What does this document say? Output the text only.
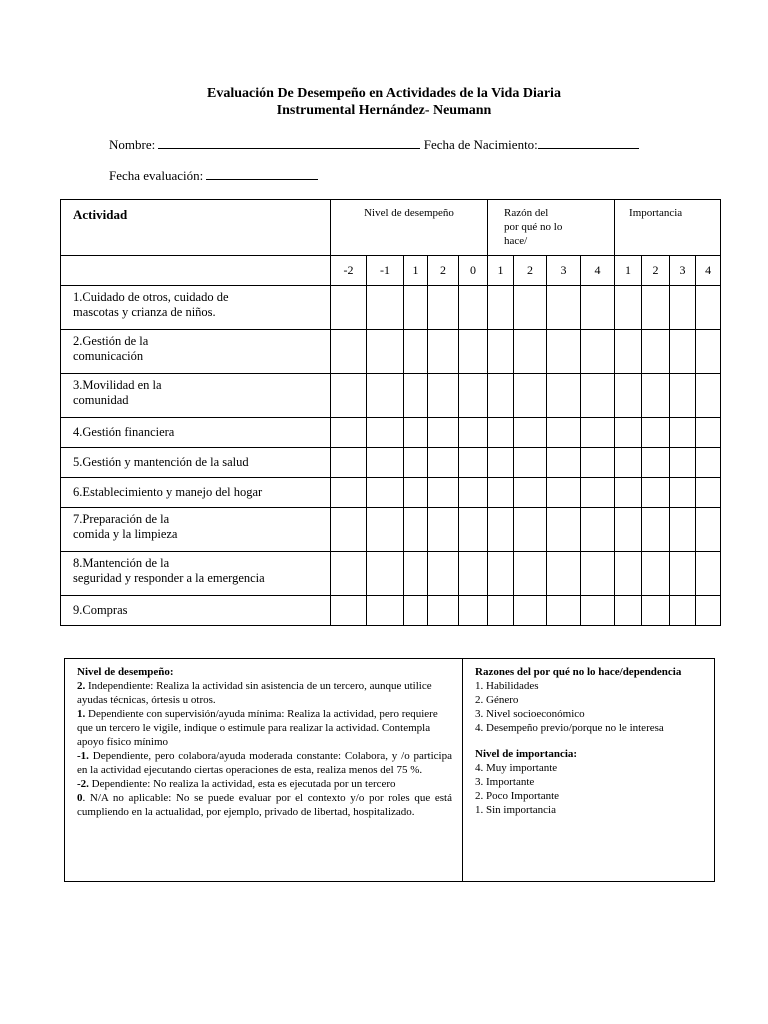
Evaluación De Desempeño en Actividades de la Vida Diaria
Instrumental Hernández- Neumann
Nombre:	Fecha de Nacimiento:
Fecha evaluación:
Actividad	Nivel de desempeño					Razón del
por qué no lo
hace/				Importancia			
	-2	-1	1	2	0	1	2	3	4	1	2	3	4

1.Cuidado de otros, cuidado de
mascotas y crianza de niños.													

2.Gestión de la
comunicación													

3.Movilidad en la
comunidad													

4.Gestión financiera													

5.Gestión y mantención de la salud													

6.Establecimiento y manejo del hogar													

7.Preparación de la
comida y la limpieza													

8.Mantención de la
seguridad y responder a la emergencia													

9.Compras													

Nivel de desempeño:

2. Independiente: Realiza la actividad sin asistencia de un tercero, aunque utilice ayudas técnicas, órtesis u otros.

1. Dependiente con supervisión/ayuda mínima: Realiza la actividad, pero requiere que un tercero le vigile, indique o estimule para realizar la actividad. Contempla apoyo físico mínimo

-1. Dependiente, pero colabora/ayuda moderada constante: Colabora, y /o participa en la actividad ejecutando ciertas operaciones de esta, realiza menos del 75 %.

-2. Dependiente: No realiza la actividad, esta es ejecutada por un tercero

0. N/A no aplicable: No se puede evaluar por el contexto y/o por roles que está cumpliendo en la actualidad, por ejemplo, privado de libertad, hospitalizado.

Razones del por qué no lo hace/dependencia

1. Habilidades

2. Género

3. Nivel socioeconómico

4. Desempeño previo/porque no le interesa

Nivel de importancia:

4. Muy importante

3. Importante

2. Poco Importante

1. Sin importancia
